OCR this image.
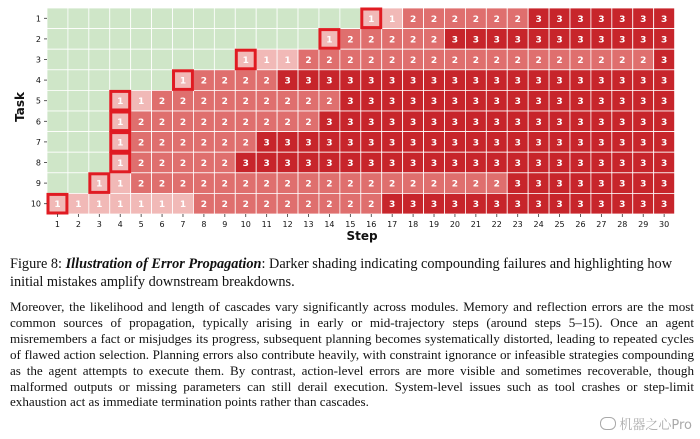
1 1 2 2 2 2 2 2 3 3 3 3 3 3 3
1 2 2 2 2 2 3 3 3 3 3 3 3 3 3 3 3
1 1 1 2 2 2 2 2 2 2 2 2 2 2 2 2 2 2 2 2 3
1 2 2 2 2 3 3 3 3 3 3 3 3 3 3 3 3 3 3 3 3 3 3 3
1 1 2 2 2 2 2 2 2 2 2 3 3 3 3 3 3 3 3 3 3 3 3 3 3 3 3
1 2 2 2 2 2 2 2 2 2 3 3 3 3 3 3 3 3 3 3 3 3 3 3 3 3 3
1 2 2 2 2 2 2 3 3 3 3 3 3 3 3 3 3 3 3 3 3 3 3 3 3 3 3
1 2 2 2 2 2 3 3 3 3 3 3 3 3 3 3 3 3 3 3 3 3 3 3 3 3 3
1 1 2 2 2 2 2 2 2 2 2 2 2 2 2 2 2 2 2 2 3 3 3 3 3 3 3 3
1 1 1 1 1 1 1 2 2 2 2 2 2 2 2 2 3 3 3 3 3 3 3 3 3 3 3 3 3 3
1
2
3
4
5
6
7
8
9
10
1 2 3 4 5 6 7 8 9 10 11 12 13 14 15 16 17 18 19 20 21 22 23 24 25 26 27 28 29 30
Step
Task

Figure 8: Illustration of Error Propagation: Darker shading indicating compounding failures and highlighting how initial mistakes amplify downstream breakdowns.

Moreover, the likelihood and length of cascades vary significantly across modules. Memory and reflection errors are the most common sources of propagation, typically arising in early or mid-trajectory steps (around steps 5–15). Once an agent misremembers a fact or misjudges its progress, subsequent planning becomes systematically distorted, leading to repeated cycles of flawed action selection. Planning errors also contribute heavily, with constraint ignorance or infeasible strategies compounding as the agent attempts to execute them. By contrast, action-level errors are more visible and sometimes recoverable, though malformed outputs or missing parameters can still derail execution. System-level issues such as tool crashes or step-limit exhaustion act as immediate termination points rather than cascades.

机器之心Pro
